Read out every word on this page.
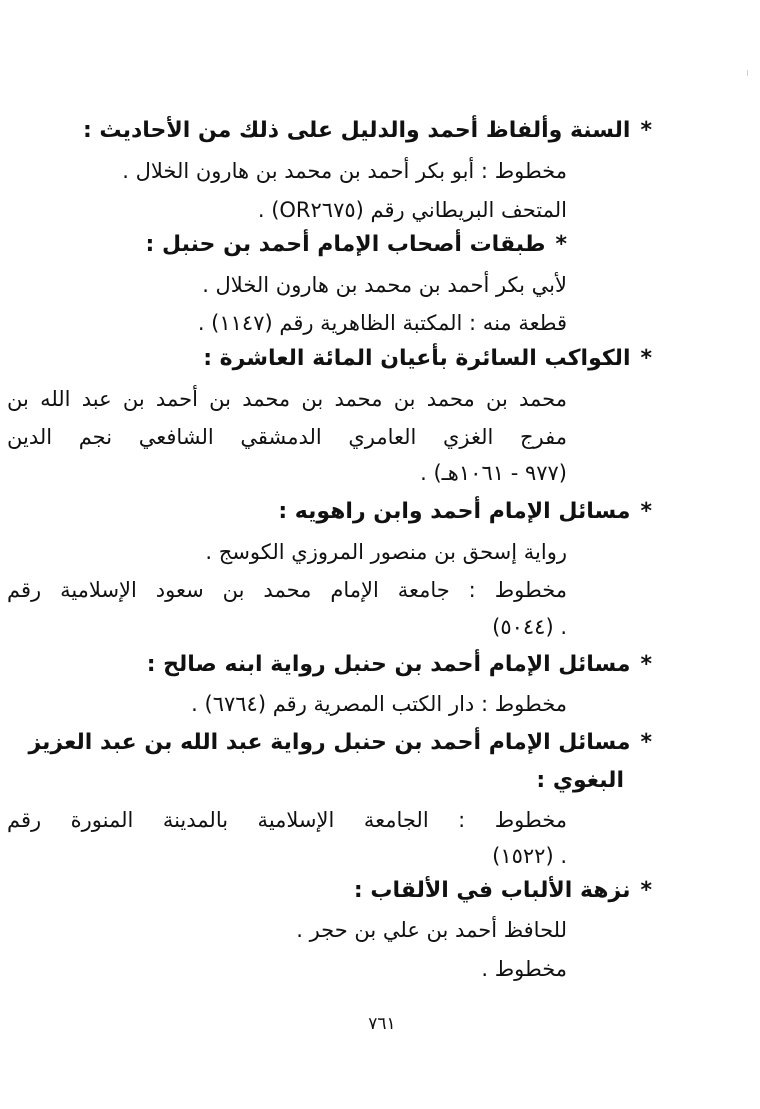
*السنة وألفاظ أحمد والدليل على ذلك من الأحاديث :
مخطوط : أبو بكر أحمد بن محمد بن هارون الخلال .
المتحف البريطاني رقم (OR٢٦٧٥) .
*طبقات أصحاب الإمام أحمد بن حنبل :
لأبي بكر أحمد بن محمد بن هارون الخلال .
قطعة منه : المكتبة الظاهرية رقم (١١٤٧) .
*الكواكب السائرة بأعيان المائة العاشرة :
محمد بن محمد بن محمد بن محمد بن أحمد بن عبد الله بن
مفرج الغزي العامري الدمشقي الشافعي نجم الدين
(٩٧٧ - ١٠٦١هـ) .
*مسائل الإمام أحمد وابن راهويه :
رواية إسحق بن منصور المروزي الكوسج .
مخطوط : جامعة الإمام محمد بن سعود الإسلامية رقم
(٥٠٤٤) .
*مسائل الإمام أحمد بن حنبل رواية ابنه صالح :
مخطوط : دار الكتب المصرية رقم (٦٧٦٤) .
*مسائل الإمام أحمد بن حنبل رواية عبد الله بن عبد العزيز
البغوي :
مخطوط : الجامعة الإسلامية بالمدينة المنورة رقم
(١٥٢٢) .
*نزهة الألباب في الألقاب :
للحافظ أحمد بن علي بن حجر .
مخطوط .
٧٦١
